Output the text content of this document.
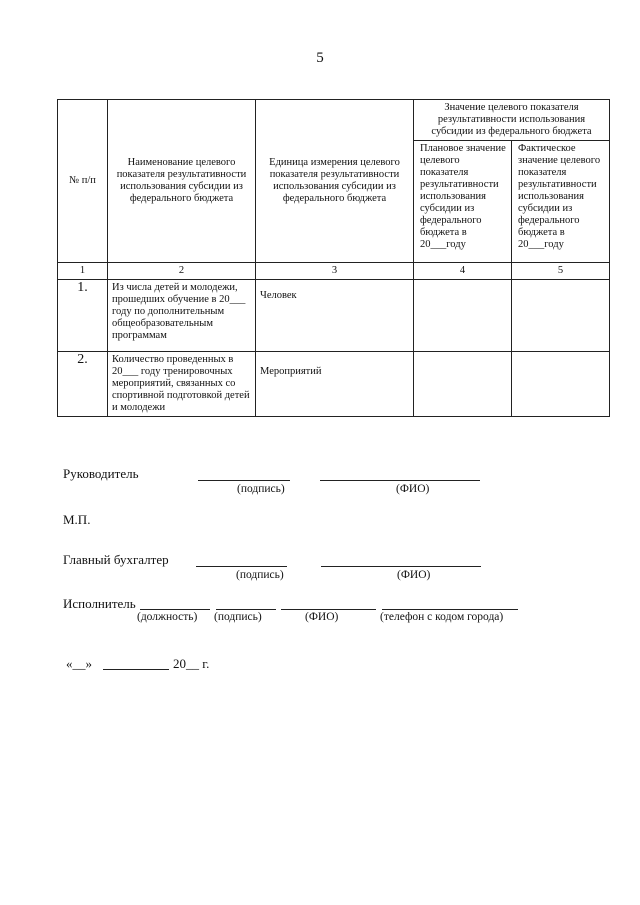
5
№ п/п	Наименование целевого показателя результативности использования субсидии из федерального бюджета	Единица измерения целевого показателя результативности использования субсидии из федерального бюджета	Значение целевого показателя результативности использования субсидии из федерального бюджета	
			Плановое значение целевого показателя результативности использования субсидии из федерального бюджета в 20___году	Фактическое значение целевого показателя результативности использования субсидии из федерального бюджета в 20___году
1	2	3	4	5
1.	Из числа детей и молодежи, прошедших обучение в 20___ году по дополнительным общеобразовательным программам	Человек		
2.	Количество проведенных в 20___ году тренировочных мероприятий, связанных со спортивной подготовкой детей и молодежи	Мероприятий		
Руководитель
(подпись)	(ФИО)
М.П.
Главный бухгалтер
(подпись)	(ФИО)
Исполнитель
(должность) (подпись)	(ФИО)	(телефон с кодом города)
«__»	20__ г.
